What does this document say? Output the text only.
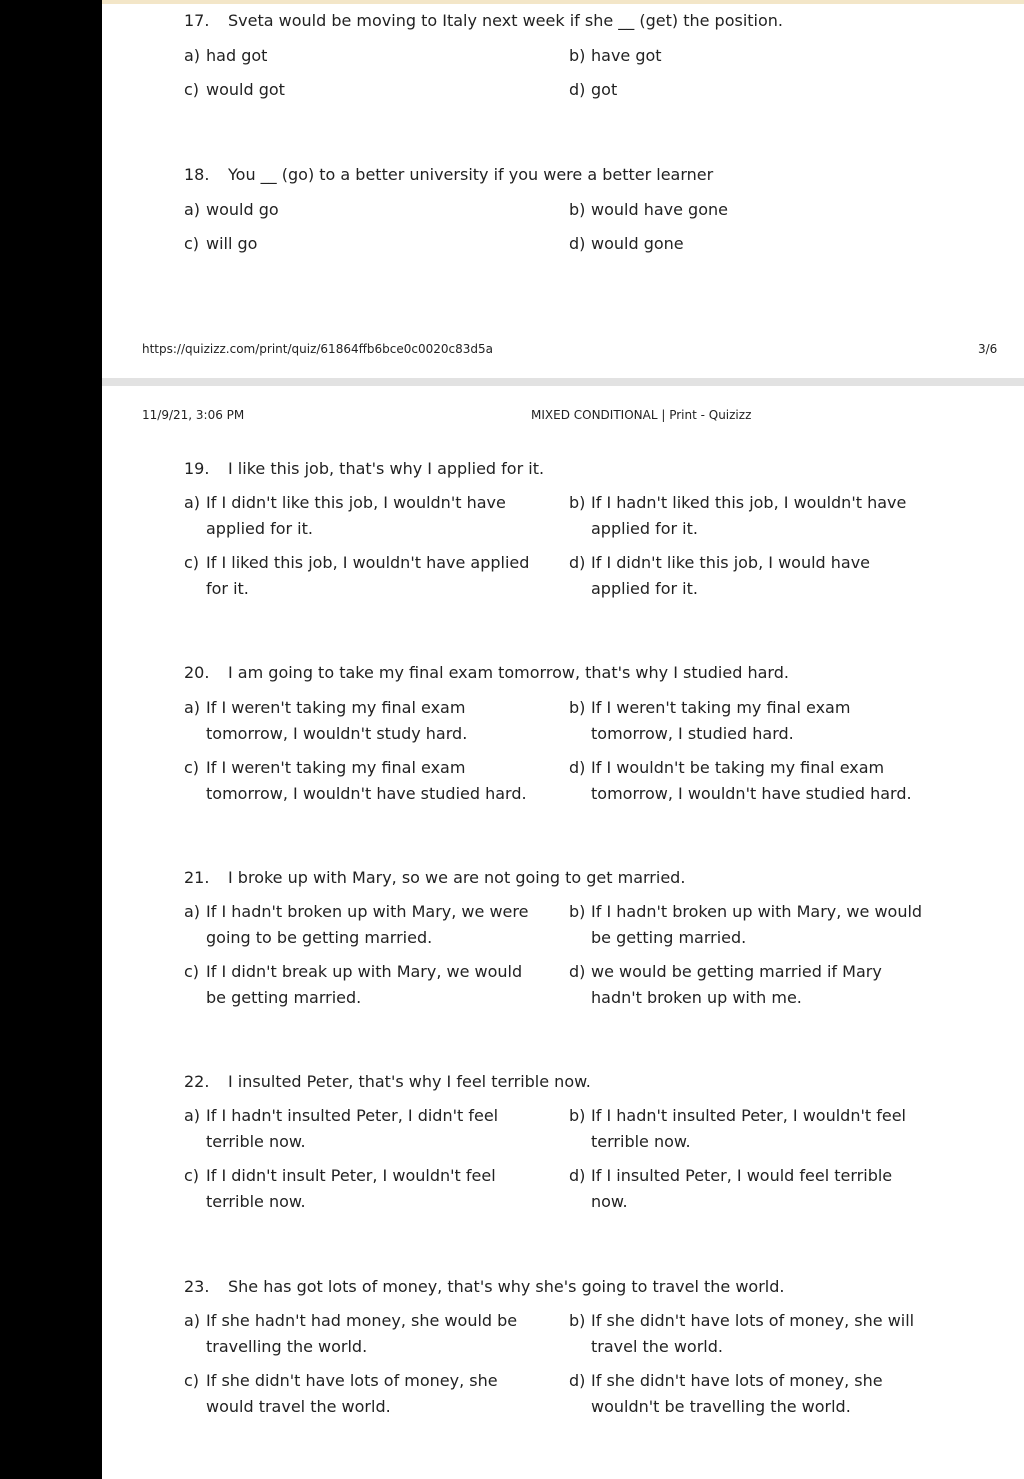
17. Sveta would be moving to Italy next week if she __ (get) the position.
a) had got	b) have got
c) would got	d) got
18. You __ (go) to a better university if you were a better learner
a) would go	b) would have gone
c) will go	d) would gone
https://quizizz.com/print/quiz/61864ffb6bce0c0020c83d5a	3/6
11/9/21, 3:06 PM	MIXED CONDITIONAL | Print - Quizizz
19. I like this job, that's why I applied for it.
a) If I didn't like this job, I wouldn't have applied for it.
b) If I hadn't liked this job, I wouldn't have applied for it.
c) If I liked this job, I wouldn't have applied for it.
d) If I didn't like this job, I would have applied for it.
20. I am going to take my final exam tomorrow, that's why I studied hard.
a) If I weren't taking my final exam tomorrow, I wouldn't study hard.
b) If I weren't taking my final exam tomorrow, I studied hard.
c) If I weren't taking my final exam tomorrow, I wouldn't have studied hard.
d) If I wouldn't be taking my final exam tomorrow, I wouldn't have studied hard.
21. I broke up with Mary, so we are not going to get married.
a) If I hadn't broken up with Mary, we were going to be getting married.
b) If I hadn't broken up with Mary, we would be getting married.
c) If I didn't break up with Mary, we would be getting married.
d) we would be getting married if Mary hadn't broken up with me.
22. I insulted Peter, that's why I feel terrible now.
a) If I hadn't insulted Peter, I didn't feel terrible now.
b) If I hadn't insulted Peter, I wouldn't feel terrible now.
c) If I didn't insult Peter, I wouldn't feel terrible now.
d) If I insulted Peter, I would feel terrible now.
23. She has got lots of money, that's why she's going to travel the world.
a) If she hadn't had money, she would be travelling the world.
b) If she didn't have lots of money, she will travel the world.
c) If she didn't have lots of money, she would travel the world.
d) If she didn't have lots of money, she wouldn't be travelling the world.
